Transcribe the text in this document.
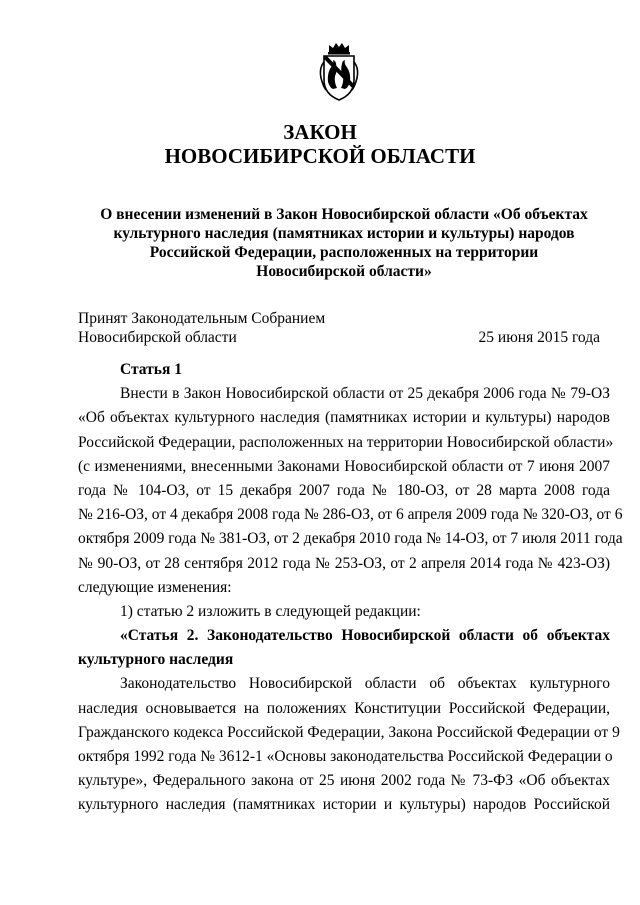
ЗАКОН
НОВОСИБИРСКОЙ ОБЛАСТИ
О внесении изменений в Закон Новосибирской области «Об объектах
культурного наследия (памятниках истории и культуры) народов
Российской Федерации, расположенных на территории
Новосибирской области»
Принят Законодательным Собранием
Новосибирской области	25 июня 2015 года
Статья 1
Внести в Закон Новосибирской области от 25 декабря 2006 года № 79-ОЗ
«Об объектах культурного наследия (памятниках истории и культуры) народов
Российской Федерации, расположенных на территории Новосибирской области»
(с изменениями, внесенными Законами Новосибирской области от 7 июня 2007
года № 104-ОЗ, от 15 декабря 2007 года № 180-ОЗ, от 28 марта 2008 года
№ 216-ОЗ, от 4 декабря 2008 года № 286-ОЗ, от 6 апреля 2009 года № 320-ОЗ, от 6
октября 2009 года № 381-ОЗ, от 2 декабря 2010 года № 14-ОЗ, от 7 июля 2011 года
№ 90-ОЗ, от 28 сентября 2012 года № 253-ОЗ, от 2 апреля 2014 года № 423-ОЗ)
следующие изменения:
1) статью 2 изложить в следующей редакции:
«Статья 2. Законодательство Новосибирской области об объектах
культурного наследия
Законодательство Новосибирской области об объектах культурного
наследия основывается на положениях Конституции Российской Федерации,
Гражданского кодекса Российской Федерации, Закона Российской Федерации от 9
октября 1992 года № 3612-1 «Основы законодательства Российской Федерации о
культуре», Федерального закона от 25 июня 2002 года № 73-ФЗ «Об объектах
культурного наследия (памятниках истории и культуры) народов Российской
